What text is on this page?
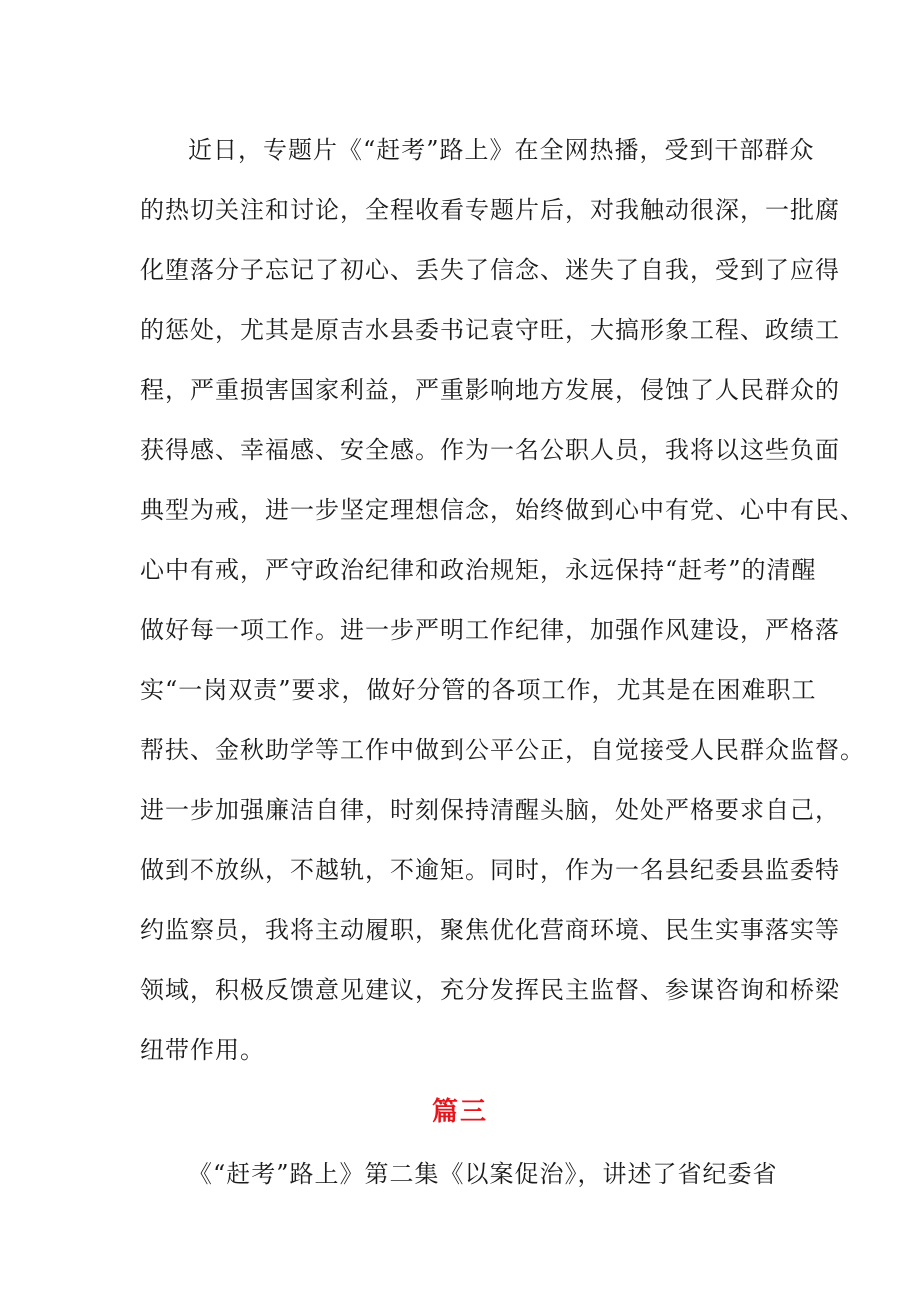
近日，专题片《“赶考”路上》在全网热播，受到干部群众
的热切关注和讨论，全程收看专题片后，对我触动很深，一批腐
化堕落分子忘记了初心、丢失了信念、迷失了自我，受到了应得
的惩处，尤其是原吉水县委书记袁守旺，大搞形象工程、政绩工
程，严重损害国家利益，严重影响地方发展，侵蚀了人民群众的
获得感、幸福感、安全感。作为一名公职人员，我将以这些负面
典型为戒，进一步坚定理想信念，始终做到心中有党、心中有民、
心中有戒，严守政治纪律和政治规矩，永远保持“赶考”的清醒
做好每一项工作。进一步严明工作纪律，加强作风建设，严格落
实“一岗双责”要求，做好分管的各项工作，尤其是在困难职工
帮扶、金秋助学等工作中做到公平公正，自觉接受人民群众监督。
进一步加强廉洁自律，时刻保持清醒头脑，处处严格要求自己，
做到不放纵，不越轨，不逾矩。同时，作为一名县纪委县监委特
约监察员，我将主动履职，聚焦优化营商环境、民生实事落实等
领域，积极反馈意见建议，充分发挥民主监督、参谋咨询和桥梁
纽带作用。
篇三
《“赶考”路上》第二集《以案促治》，讲述了省纪委省
